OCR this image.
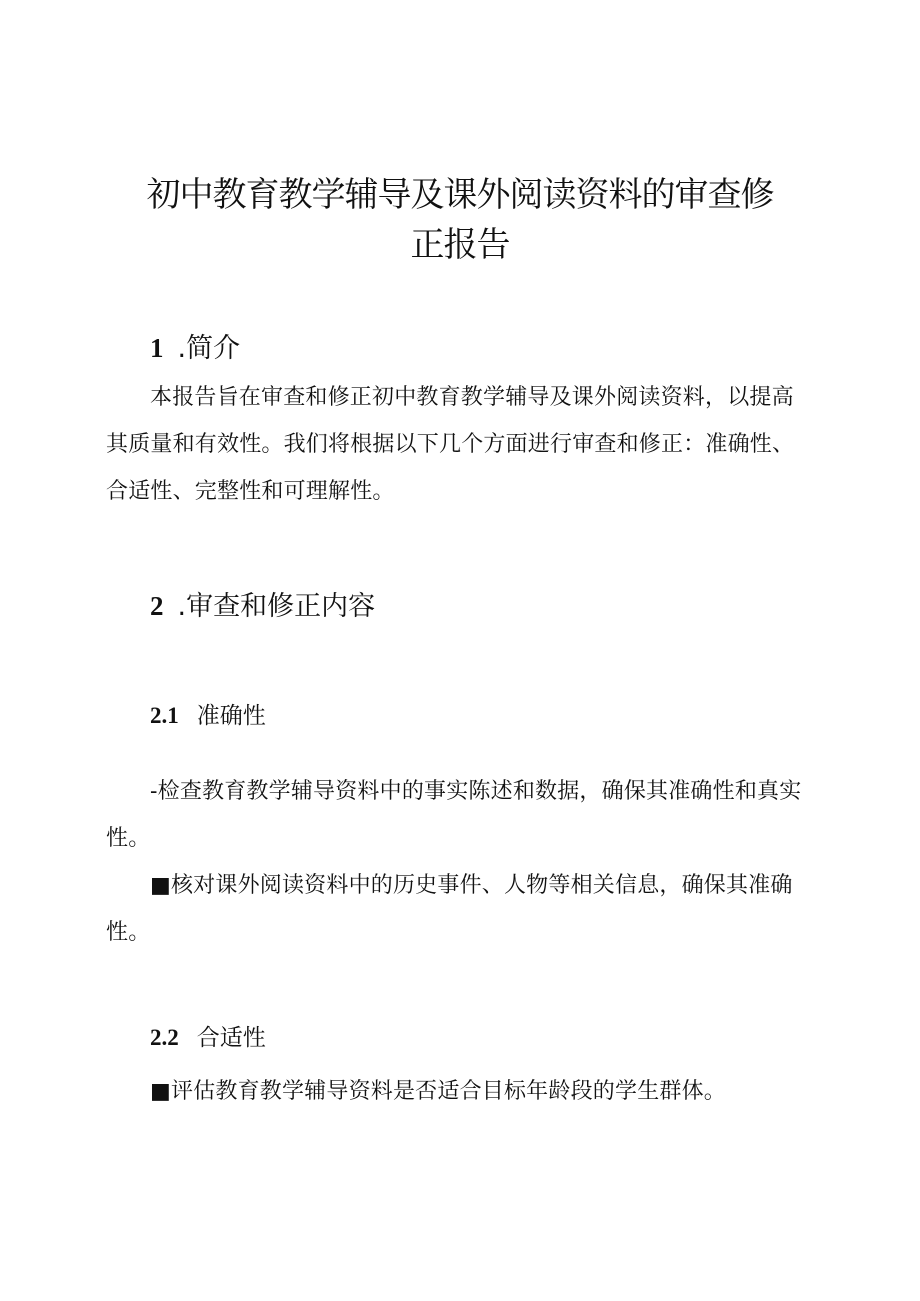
初中教育教学辅导及课外阅读资料的审查修
正报告
1 .简介

本报告旨在审查和修正初中教育教学辅导及课外阅读资料，以提高其质量和有效性。我们将根据以下几个方面进行审查和修正：准确性、合适性、完整性和可理解性。

2 .审查和修正内容
2.1 准确性

-检查教育教学辅导资料中的事实陈述和数据，确保其准确性和真实性。

■核对课外阅读资料中的历史事件、人物等相关信息，确保其准确性。

2.2 合适性

■评估教育教学辅导资料是否适合目标年龄段的学生群体。
